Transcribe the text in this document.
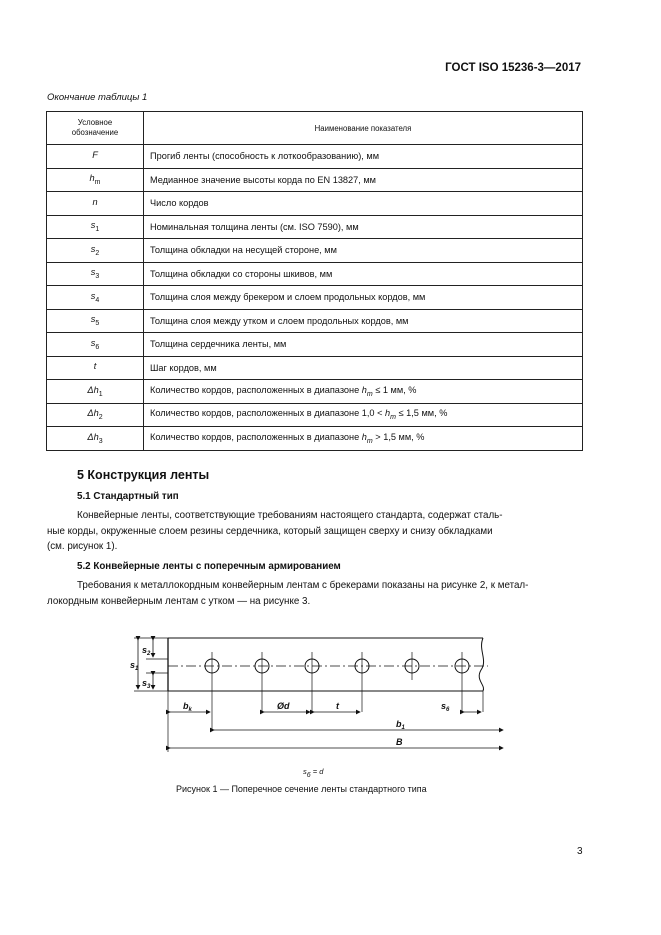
ГОСТ ISO 15236-3—2017
Окончание таблицы 1
Условное
обозначение	Наименование показателя
F	Прогиб ленты (способность к лоткообразованию), мм
$h_m$	Медианное значение высоты корда по EN 13827, мм
n	Число кордов
$s_1$	Номинальная толщина ленты (см. ISO 7590), мм
$s_2$	Толщина обкладки на несущей стороне, мм
$s_3$	Толщина обкладки со стороны шкивов, мм
$s_4$	Толщина слоя между брекером и слоем продольных кордов, мм
$s_5$	Толщина слоя между утком и слоем продольных кордов, мм
$s_6$	Толщина сердечника ленты, мм
t	Шаг кордов, мм
$\Delta h_1$	Количество кордов, расположенных в диапазоне $h_m \le 1$ мм, %
$\Delta h_2$	Количество кордов, расположенных в диапазоне $1,0 < h_m \le 1,5$ мм, %
$\Delta h_3$	Количество кордов, расположенных в диапазоне $h_m > 1,5$ мм, %
5 Конструкция ленты
5.1 Стандартный тип

Конвейерные ленты, соответствующие требованиям настоящего стандарта, содержат сталь-

ные корды, окруженные слоем резины сердечника, который защищен сверху и снизу обкладками
(см. рисунок 1).
5.2 Конвейерные ленты с поперечным армированием

Требования к металлокордным конвейерным лентам с брекерами показаны на рисунке 2, к метал-

локордным конвейерным лентам с утком — на рисунке 3.
$s_1$
$s_2$
$s_3$
$b_k$	Ød	t	$s_6$
$b_1$
B
s6 = d
Рисунок 1 — Поперечное сечение ленты стандартного типа
3
